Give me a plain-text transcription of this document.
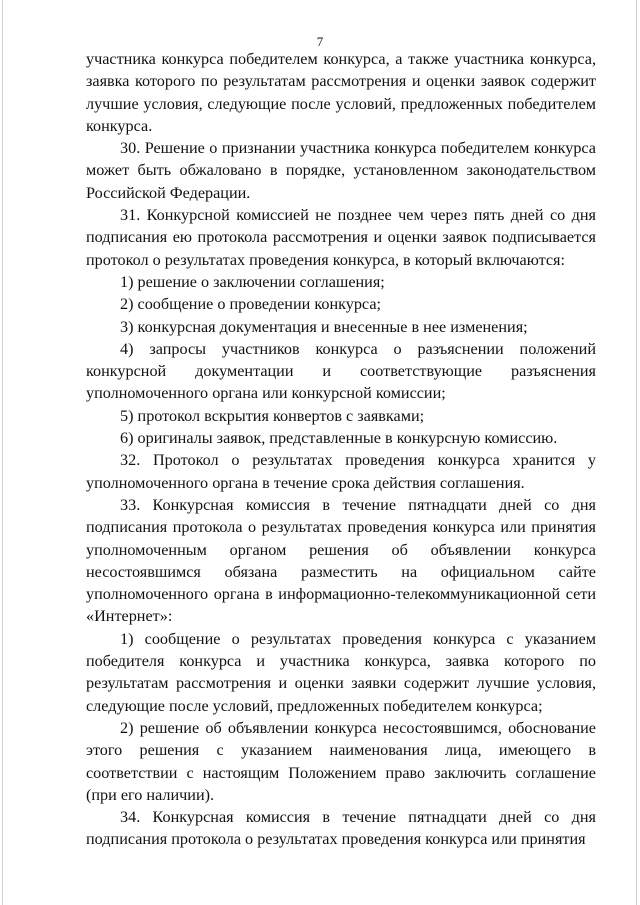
7

участника конкурса победителем конкурса, а также участника конкурса, заявка которого по результатам рассмотрения и оценки заявок содержит лучшие условия, следующие после условий, предложенных победителем конкурса.

30. Решение о признании участника конкурса победителем конкурса может быть обжаловано в порядке, установленном законодательством Российской Федерации.

31. Конкурсной комиссией не позднее чем через пять дней со дня подписания ею протокола рассмотрения и оценки заявок подписывается протокол о результатах проведения конкурса, в который включаются:

1) решение о заключении соглашения;

2) сообщение о проведении конкурса;

3) конкурсная документация и внесенные в нее изменения;

4) запросы участников конкурса о разъяснении положений конкурсной документации и соответствующие разъяснения уполномоченного органа или конкурсной комиссии;

5) протокол вскрытия конвертов с заявками;

6) оригиналы заявок, представленные в конкурсную комиссию.

32. Протокол о результатах проведения конкурса хранится у уполномоченного органа в течение срока действия соглашения.

33. Конкурсная комиссия в течение пятнадцати дней со дня подписания протокола о результатах проведения конкурса или принятия уполномоченным органом решения об объявлении конкурса несостоявшимся обязана разместить на официальном сайте уполномоченного органа в информационно-телекоммуникационной сети «Интернет»:

1) сообщение о результатах проведения конкурса с указанием победителя конкурса и участника конкурса, заявка которого по результатам рассмотрения и оценки заявки содержит лучшие условия, следующие после условий, предложенных победителем конкурса;

2) решение об объявлении конкурса несостоявшимся, обоснование этого решения с указанием наименования лица, имеющего в соответствии с настоящим Положением право заключить соглашение (при его наличии).

34. Конкурсная комиссия в течение пятнадцати дней со дня подписания протокола о результатах проведения конкурса или принятия
